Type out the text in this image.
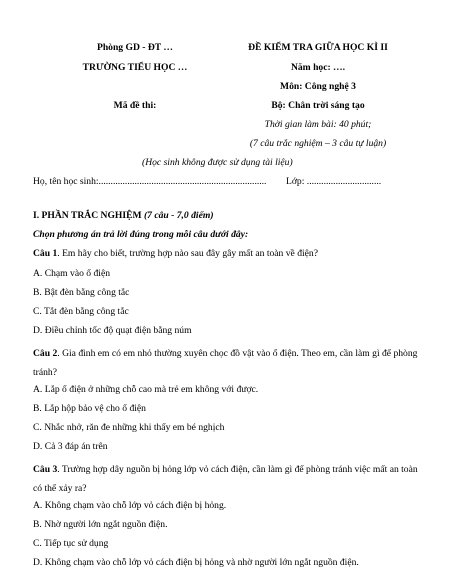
Phòng GD - ĐT …
TRƯỜNG TIỂU HỌC …
Mã đề thi:
ĐỀ KIỂM TRA GIỮA HỌC KÌ II
Năm học: ….
Môn: Công nghệ 3
Bộ: Chân trời sáng tạo
Thời gian làm bài: 40 phút;
(7 câu trắc nghiệm – 3 câu tự luận)
(Học sinh không được sử dụng tài liệu)
Họ, tên học sinh:...................................................................... Lớp: ...............................
I. PHẦN TRẮC NGHIỆM (7 câu - 7,0 điểm)
Chọn phương án trả lời đúng trong mỗi câu dưới đây:
Câu 1. Em hãy cho biết, trường hợp nào sau đây gây mất an toàn về điện?
A. Chạm vào ổ điện
B. Bật đèn bằng công tắc
C. Tắt đèn bằng công tắc
D. Điều chỉnh tốc độ quạt điện bằng núm
Câu 2. Gia đình em có em nhỏ thường xuyên chọc đồ vật vào ổ điện. Theo em, cần làm gì để phòng tránh?
A. Lắp ổ điện ở những chỗ cao mà trẻ em không với được.
B. Lắp hộp bảo vệ cho ổ điện
C. Nhắc nhở, răn đe những khi thấy em bé nghịch
D. Cả 3 đáp án trên
Câu 3. Trường hợp dây nguồn bị hỏng lớp vỏ cách điện, cần làm gì để phòng tránh việc mất an toàn có thể xảy ra?
A. Không chạm vào chỗ lớp vỏ cách điện bị hỏng.
B. Nhờ người lớn ngắt nguồn điện.
C. Tiếp tục sử dụng
D. Không chạm vào chỗ lớp vỏ cách điện bị hỏng và nhờ người lớn ngắt nguồn điện.
